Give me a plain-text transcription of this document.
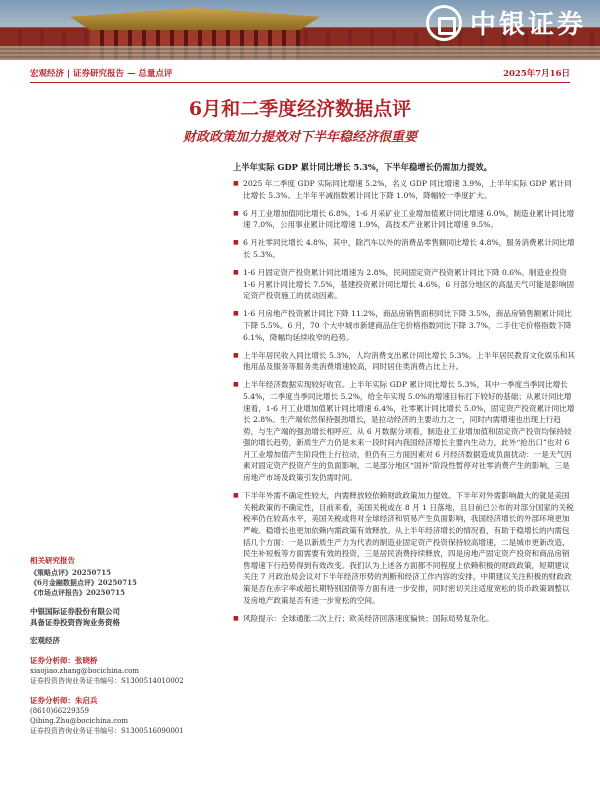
中银证券
宏观经济 | 证券研究报告 — 总量点评	2025年7月16日
6月和二季度经济数据点评
财政政策加力提效对下半年稳经济很重要
上半年实际 GDP 累计同比增长 5.3%，下半年稳增长仍需加力提效。
■ 2025 年二季度 GDP 实际同比增速 5.2%，名义 GDP 同比增速 3.9%，上半年实际 GDP 累计同比增长 5.3%。上半年平减指数累计同比下降 1.0%，降幅较一季度扩大。
■ 6 月工业增加值同比增长 6.8%，1-6 月采矿业工业增加值累计同比增速 6.0%，制造业累计同比增速 7.0%，公用事业累计同比增速 1.9%，高技术产业累计同比增速 9.5%。
■ 6 月社零同比增长 4.8%，其中，除汽车以外的消费品零售额同比增长 4.8%，服务消费累计同比增长 5.3%。
■ 1-6 月固定资产投资累计同比增速为 2.8%，民间固定资产投资累计同比下降 0.6%。制造业投资 1-6 月累计同比增长 7.5%，基建投资累计同比增长 4.6%，6 月部分地区的高温天气可能是影响固定资产投资施工的扰动因素。
■ 1-6 月房地产投资累计同比下降 11.2%，商品房销售面积同比下降 3.5%，商品房销售额累计同比下降 5.5%。6 月，70 个大中城市新建商品住宅价格指数同比下降 3.7%，二手住宅价格指数下降 6.1%，降幅均延续收窄的趋势。
■ 上半年居民收入同比增长 5.3%，人均消费支出累计同比增长 5.3%。上半年居民教育文化娱乐和其他用品及服务等服务类消费增速较高，同时居住类消费占比上升。
■ 上半年经济数据实现较好收官。上半年实际 GDP 累计同比增长 5.3%，其中一季度当季同比增长 5.4%，二季度当季同比增长 5.2%，给全年实现 5.0%的增速目标打下较好的基础；从累计同比增速看，1-6 月工业增加值累计同比增速 6.4%，社零累计同比增长 5.0%，固定资产投资累计同比增长 2.8%。生产端依然保持强劲增长，是拉动经济的主要动力之一，同时内需增速也出现上行趋势，与生产端的强劲增长相呼应。从 6 月数据分项看，制造业工业增加值和固定资产投资均保持较强的增长趋势，新质生产力仍是未来一段时间内我国经济增长主要内生动力，此外“抢出口”也对 6 月工业增加值产生阶段性上行拉动，但仍有三方面因素对 6 月经济数据造成负面扰动：一是天气因素对固定资产投资产生的负面影响，二是部分地区“国补”阶段性暂停对社零消费产生的影响，三是房地产市场及政策引发仍需时间。
■ 下半年外需不确定性较大，内需释放较依赖财政政策加力提效。下半年对外需影响最大的就是美国关税政策的不确定性，目前来看，美国关税或在 8 月 1 日落地，且目前已公布的对部分国家的关税税率仍在较高水平，美国关税或将对全球经济和贸易产生负面影响，我国经济增长的外部环境更加严峻。稳增长也更加依赖内需政策有效释放。从上半年经济增长的情况看，有助于稳增长的内需包括几个方面：一是以新质生产力为代表的制造业固定资产投资保持较高增速，二是城市更新改造、民生补短板等方面需要有效的投资，三是居民消费持续释放，四是房地产固定资产投资和商品房销售增速下行趋势得到有效改变。我们认为上述各方面都不同程度上依赖积极的财政政策，短期建议关注 7 月政治局会议对下半年经济形势的判断和经济工作内容的安排，中期建议关注积极的财政政策是否在赤字率或超长期特别国债等方面有进一步安排，同时密切关注适度宽松的货币政策调整以及房地产政策是否有进一步宽松的空间。
■ 风险提示：全球通胀二次上行；欧美经济回落速度偏快；国际局势复杂化。
相关研究报告
《策略点评》20250715
《6月金融数据点评》20250715
《市场点评报告》20250715
中银国际证券股份有限公司
具备证券投资咨询业务资格
宏观经济
证券分析师：张晓桥
xiaojiao.zhang@bocichina.com
证券投资咨询业务证书编号：S1300514010002
证券分析师：朱启兵
(8610)66229359
Qibing.Zhu@bocichina.com
证券投资咨询业务证书编号：S1300516090001
